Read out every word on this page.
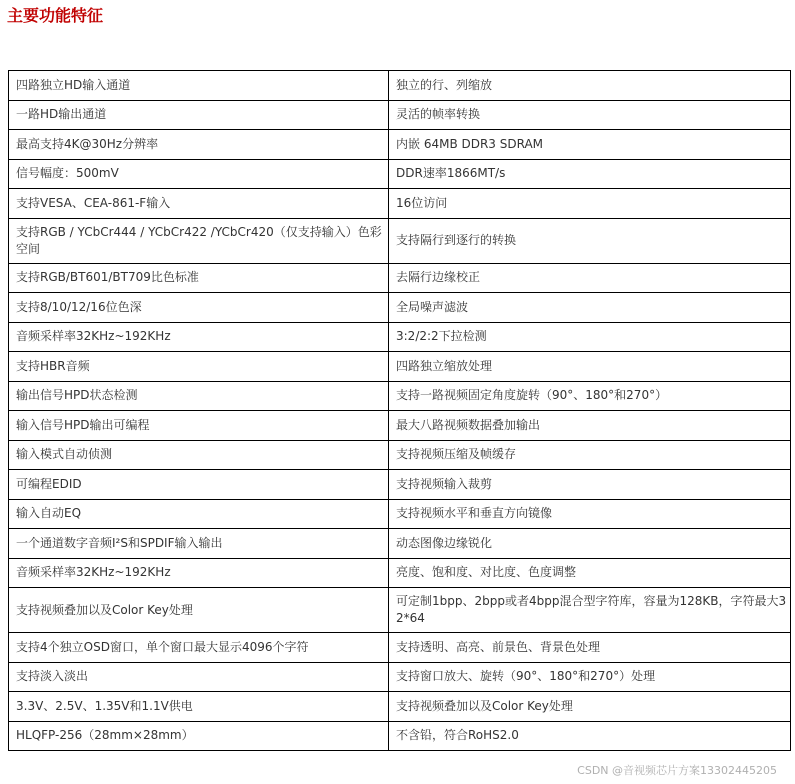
主要功能特征
四路独立HD输入通道	独立的行、列缩放
一路HD输出通道	灵活的帧率转换
最高支持4K@30Hz分辨率	内嵌 64MB DDR3 SDRAM
信号幅度：500mV	DDR速率1866MT/s
支持VESA、CEA-861-F输入	16位访问
支持RGB / YCbCr444 / YCbCr422 /YCbCr420（仅支持输入）色彩空间	支持隔行到逐行的转换
支持RGB/BT601/BT709比色标准	去隔行边缘校正
支持8/10/12/16位色深	全局噪声滤波
音频采样率32KHz~192KHz	3:2/2:2下拉检测
支持HBR音频	四路独立缩放处理
输出信号HPD状态检测	支持一路视频固定角度旋转（90°、180°和270°）
输入信号HPD输出可编程	最大八路视频数据叠加输出
输入模式自动侦测	支持视频压缩及帧缓存
可编程EDID	支持视频输入裁剪
输入自动EQ	支持视频水平和垂直方向镜像
一个通道数字音频I²S和SPDIF输入输出	动态图像边缘锐化
音频采样率32KHz~192KHz	亮度、饱和度、对比度、色度调整
支持视频叠加以及Color Key处理	可定制1bpp、2bpp或者4bpp混合型字符库，容量为128KB，字符最大32*64
支持4个独立OSD窗口，单个窗口最大显示4096个字符	支持透明、高亮、前景色、背景色处理
支持淡入淡出	支持窗口放大、旋转（90°、180°和270°）处理
3.3V、2.5V、1.35V和1.1V供电	支持视频叠加以及Color Key处理
HLQFP-256（28mm×28mm）	不含铅，符合RoHS2.0
CSDN @音视频芯片方案13302445205
